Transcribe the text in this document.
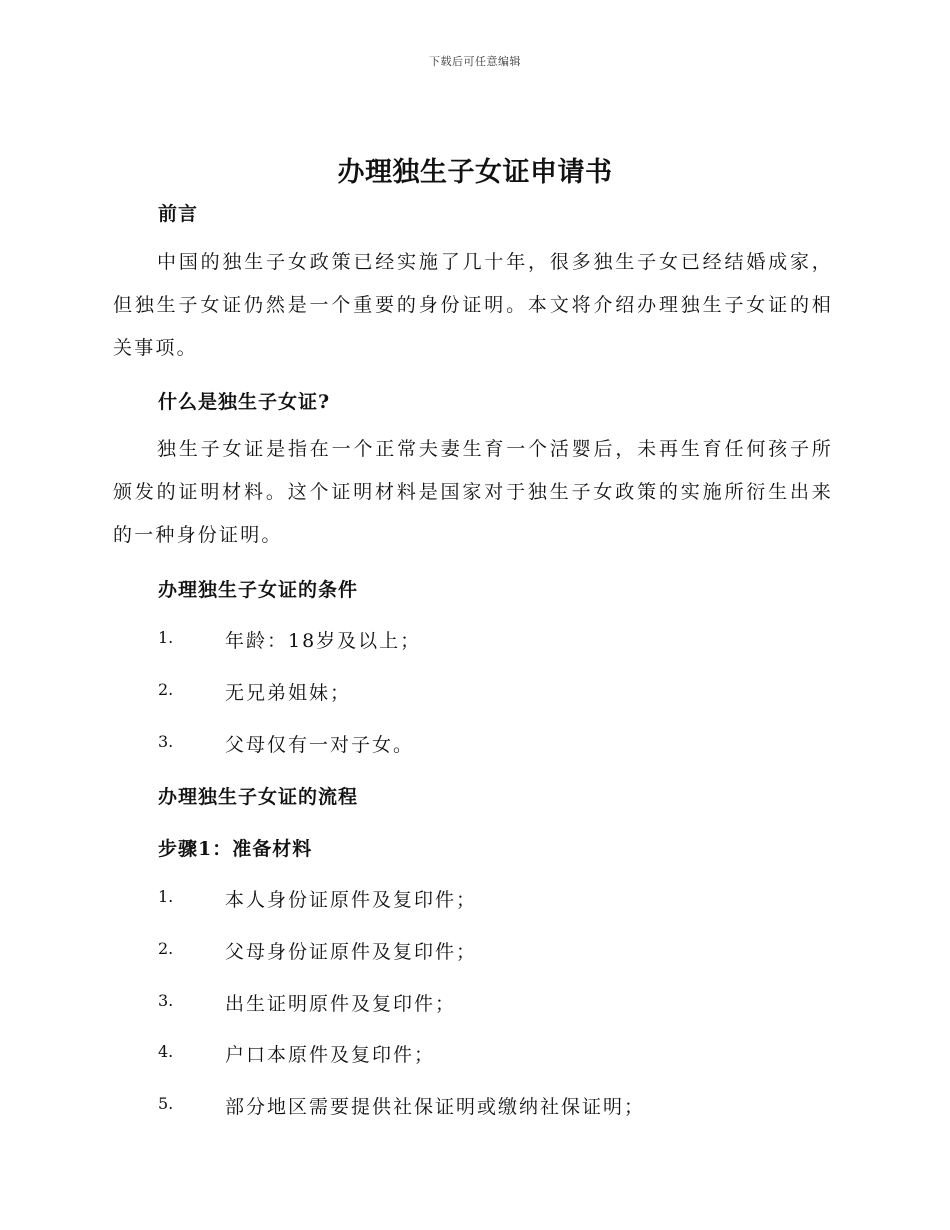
下载后可任意编辑
办理独生子女证申请书
前言
中国的独生子女政策已经实施了几十年，很多独生子女已经结婚成家，但独生子女证仍然是一个重要的身份证明。本文将介绍办理独生子女证的相关事项。
什么是独生子女证?
独生子女证是指在一个正常夫妻生育一个活婴后，未再生育任何孩子所颁发的证明材料。这个证明材料是国家对于独生子女政策的实施所衍生出来的一种身份证明。
办理独生子女证的条件
1.	年龄：18岁及以上；
2.	无兄弟姐妹；
3.	父母仅有一对子女。
办理独生子女证的流程
步骤1：准备材料
1.	本人身份证原件及复印件；
2.	父母身份证原件及复印件；
3.	出生证明原件及复印件；
4.	户口本原件及复印件；
5.	部分地区需要提供社保证明或缴纳社保证明；
